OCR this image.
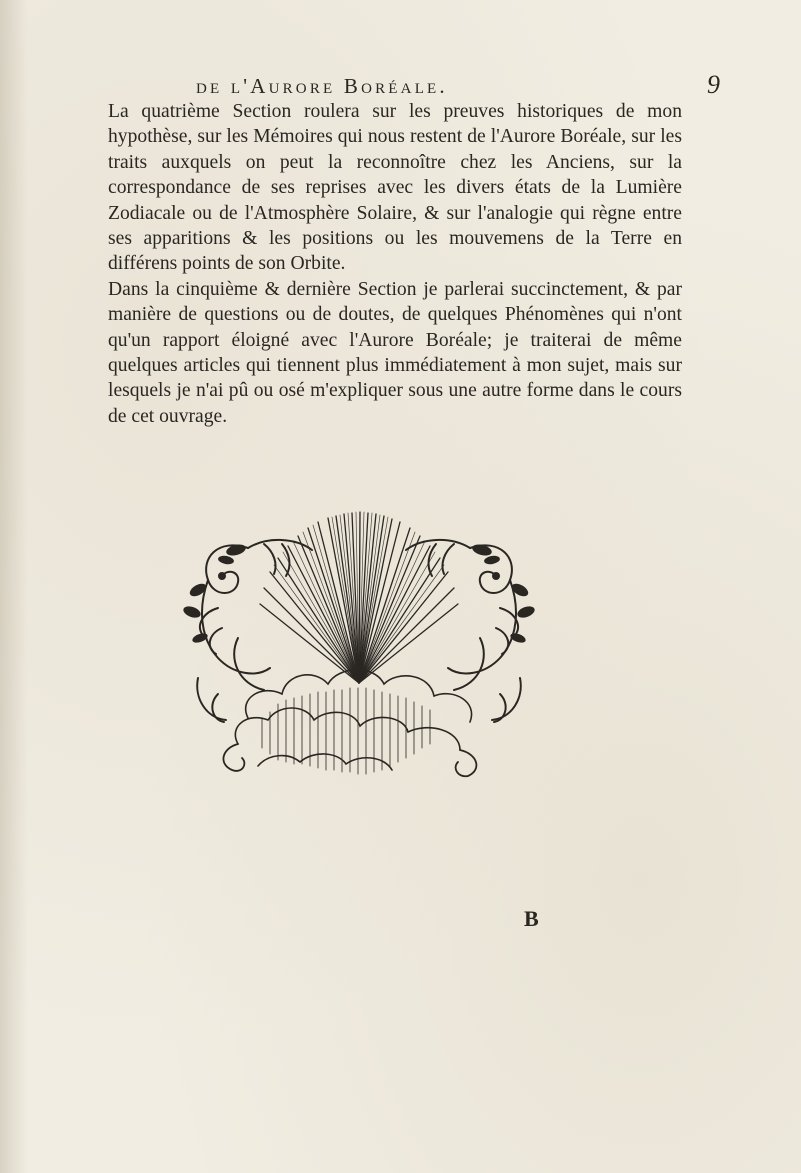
de l'Aurore Boréale.	9

La quatrième Section roulera sur les preuves historiques de mon hypothèse, sur les Mémoires qui nous restent de l'Aurore Boréale, sur les traits auxquels on peut la reconnoître chez les Anciens, sur la correspondance de ses reprises avec les divers états de la Lumière Zodiacale ou de l'Atmosphère Solaire, & sur l'analogie qui règne entre ses apparitions & les positions ou les mouvemens de la Terre en différens points de son Orbite.

Dans la cinquième & dernière Section je parlerai succinctement, & par manière de questions ou de doutes, de quelques Phénomènes qui n'ont qu'un rapport éloigné avec l'Aurore Boréale; je traiterai de même quelques articles qui tiennent plus immédiatement à mon sujet, mais sur lesquels je n'ai pû ou osé m'expliquer sous une autre forme dans le cours de cet ouvrage.

B
